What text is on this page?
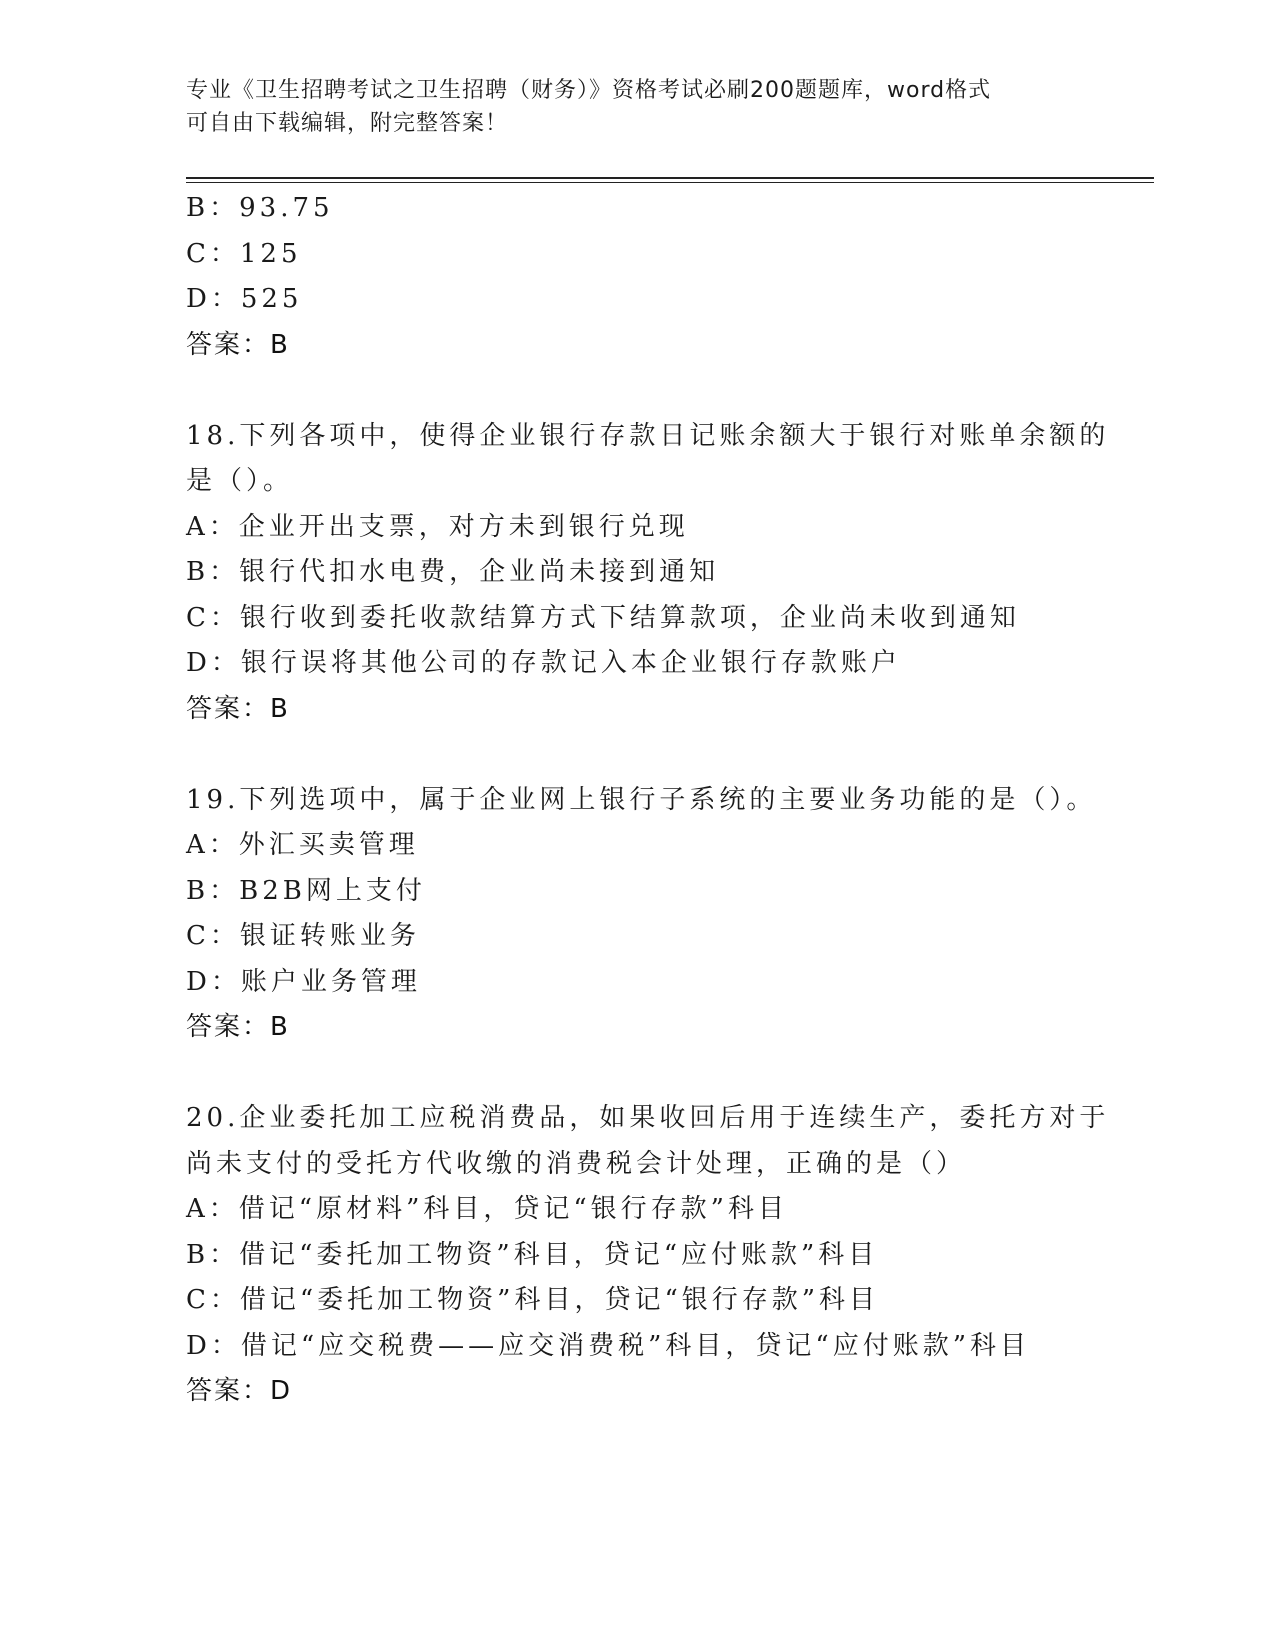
专业《卫生招聘考试之卫生招聘（财务）》资格考试必刷200题题库，word格式
可自由下载编辑，附完整答案！
B：93.75
C：125
D：525
答案：B
18.下列各项中，使得企业银行存款日记账余额大于银行对账单余额的
是（）。
A：企业开出支票，对方未到银行兑现
B：银行代扣水电费，企业尚未接到通知
C：银行收到委托收款结算方式下结算款项，企业尚未收到通知
D：银行误将其他公司的存款记入本企业银行存款账户
答案：B
19.下列选项中，属于企业网上银行子系统的主要业务功能的是（）。
A：外汇买卖管理
B：B2B网上支付
C：银证转账业务
D：账户业务管理
答案：B
20.企业委托加工应税消费品，如果收回后用于连续生产，委托方对于
尚未支付的受托方代收缴的消费税会计处理，正确的是（）
A：借记“原材料”科目，贷记“银行存款”科目
B：借记“委托加工物资”科目，贷记“应付账款”科目
C：借记“委托加工物资”科目，贷记“银行存款”科目
D：借记“应交税费——应交消费税”科目，贷记“应付账款”科目
答案：D
